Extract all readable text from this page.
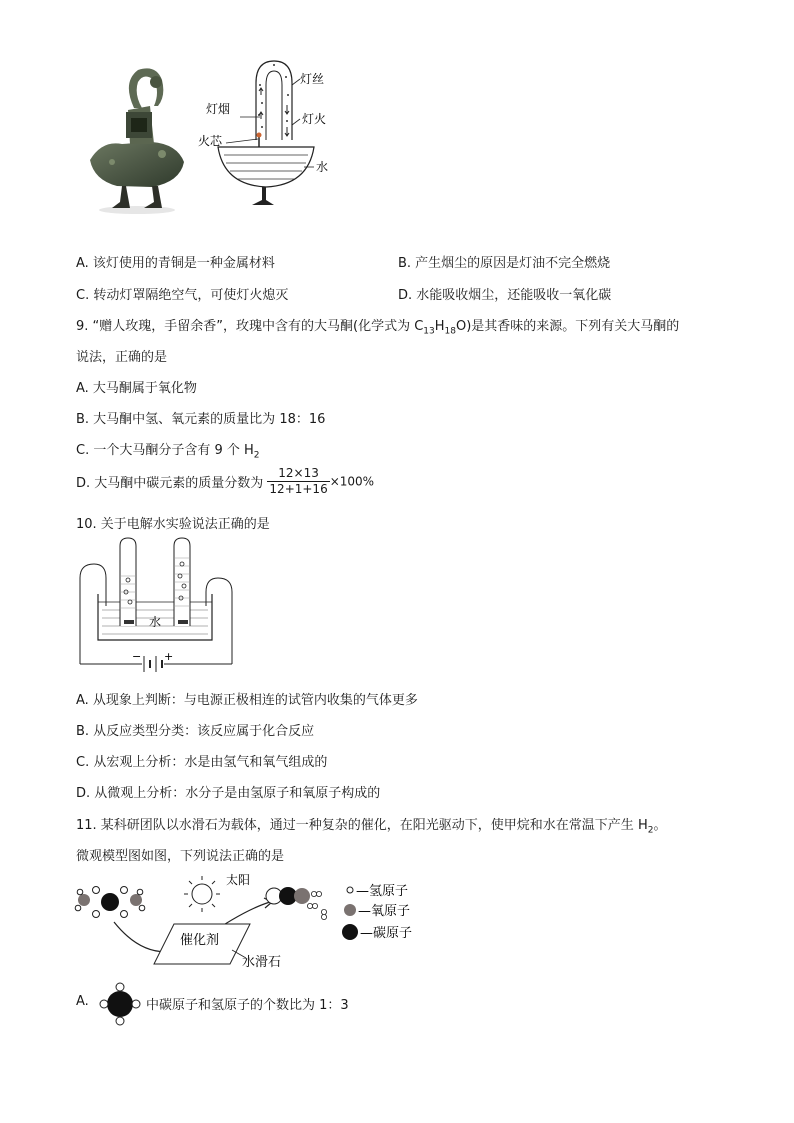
灯丝
灯烟
灯火
火芯
水
A. 该灯使用的青铜是一种金属材料	B. 产生烟尘的原因是灯油不完全燃烧
C. 转动灯罩隔绝空气，可使灯火熄灭	D. 水能吸收烟尘，还能吸收一氧化碳
9. “赠人玫瑰，手留余香”，玫瑰中含有的大马酮(化学式为 $C_{13}H_{18}O$)是其香味的来源。下列有关大马酮的
说法，正确的是
A. 大马酮属于氧化物
B. 大马酮中氢、氧元素的质量比为 18：16
C. 一个大马酮分子含有 9 个 $H_2$
D. 大马酮中碳元素的质量分数为 $\frac{12\times 13}{12+1+16} \times 100\%$
10. 关于电解水实验说法正确的是
水
− +
A. 从现象上判断：与电源正极相连的试管内收集的气体更多
B. 从反应类型分类：该反应属于化合反应
C. 从宏观上分析：水是由氢气和氧气组成的
D. 从微观上分析：水分子是由氢原子和氧原子构成的
11. 某科研团队以水滑石为载体，通过一种复杂的催化，在阳光驱动下，使甲烷和水在常温下产生 $H_2$。
微观模型图如图，下列说法正确的是
太阳
催化剂
水滑石
—氢原子
—氧原子
—碳原子
A.	中碳原子和氢原子的个数比为 1：3
